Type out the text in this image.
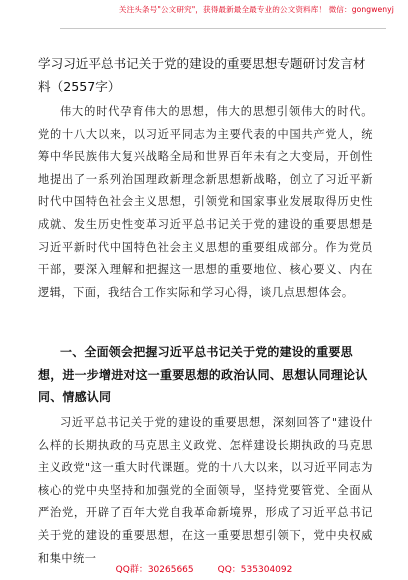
关注头条号"公文研究"，获得最新最全最专业的公文资料库！ 微信：gongwenyj
学习习近平总书记关于党的建设的重要思想专题研讨发言材料（2557字）

伟大的时代孕育伟大的思想，伟大的思想引领伟大的时代。党的十八大以来，以习近平同志为主要代表的中国共产党人，统筹中华民族伟大复兴战略全局和世界百年未有之大变局，开创性地提出了一系列治国理政新理念新思想新战略，创立了习近平新时代中国特色社会主义思想，引领党和国家事业发展取得历史性成就、发生历史性变革习近平总书记关于党的建设的重要思想是习近平新时代中国特色社会主义思想的重要组成部分。作为党员干部，要深入理解和把握这一思想的重要地位、核心要义、内在逻辑，下面，我结合工作实际和学习心得，谈几点思想体会。

一、全面领会把握习近平总书记关于党的建设的重要思想，进一步增进对这一重要思想的政治认同、思想认同理论认同、情感认同

习近平总书记关于党的建设的重要思想，深刻回答了"建设什么样的长期执政的马克思主义政党、怎样建设长期执政的马克思主义政党"这一重大时代课题。党的十八大以来，以习近平同志为核心的党中央坚持和加强党的全面领导，坚持党要管党、全面从严治党，开辟了百年大党自我革命新境界，形成了习近平总书记关于党的建设的重要思想，在这一重要思想引领下，党中央权威和集中统一

QQ群：30265665	QQ：535304092
